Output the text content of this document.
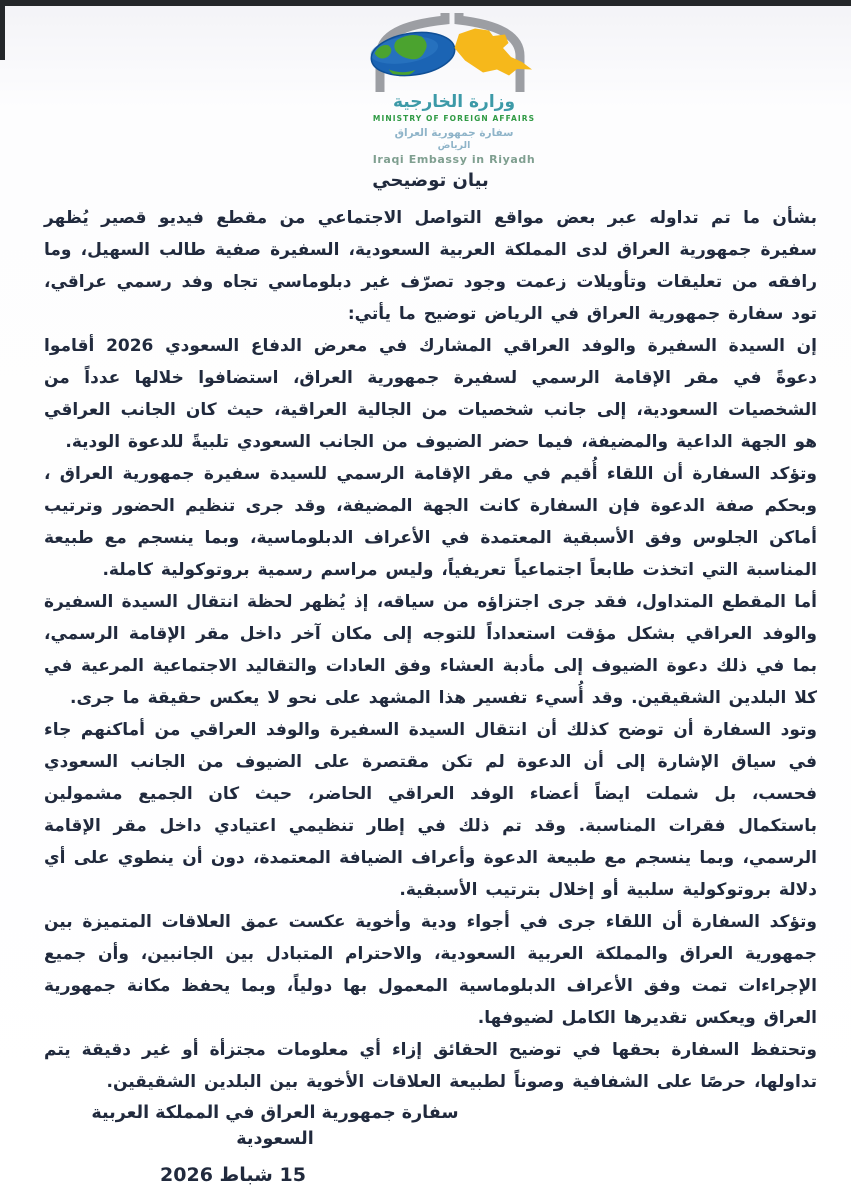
وزارة الخارجية
MINISTRY OF FOREIGN AFFAIRS
سفارة جمهورية العراق
الرياض
Iraqi Embassy in Riyadh
بيان توضيحي

بشأن ما تم تداوله عبر بعض مواقع التواصل الاجتماعي من مقطع فيديو قصير يُظهر سفيرة جمهورية العراق لدى المملكة العربية السعودية، السفيرة صفية طالب السهيل، وما رافقه من تعليقات وتأويلات زعمت وجود تصرّف غير دبلوماسي تجاه وفد رسمي عراقي، تود سفارة جمهورية العراق في الرياض توضيح ما يأتي:

إن السيدة السفيرة والوفد العراقي المشارك في معرض الدفاع السعودي 2026 أقاموا دعوةً في مقر الإقامة الرسمي لسفيرة جمهورية العراق، استضافوا خلالها عدداً من الشخصيات السعودية، إلى جانب شخصيات من الجالية العراقية، حيث كان الجانب العراقي هو الجهة الداعية والمضيفة، فيما حضر الضيوف من الجانب السعودي تلبيةً للدعوة الودية.

وتؤكد السفارة أن اللقاء أُقيم في مقر الإقامة الرسمي للسيدة سفيرة جمهورية العراق ، وبحكم صفة الدعوة فإن السفارة كانت الجهة المضيفة، وقد جرى تنظيم الحضور وترتيب أماكن الجلوس وفق الأسبقية المعتمدة في الأعراف الدبلوماسية، وبما ينسجم مع طبيعة المناسبة التي اتخذت طابعاً اجتماعياً تعريفياً، وليس مراسم رسمية بروتوكولية كاملة.

أما المقطع المتداول، فقد جرى اجتزاؤه من سياقه، إذ يُظهر لحظة انتقال السيدة السفيرة والوفد العراقي بشكل مؤقت استعداداً للتوجه إلى مكان آخر داخل مقر الإقامة الرسمي، بما في ذلك دعوة الضيوف إلى مأدبة العشاء وفق العادات والتقاليد الاجتماعية المرعية في كلا البلدين الشقيقين. وقد أُسيء تفسير هذا المشهد على نحو لا يعكس حقيقة ما جرى.

وتود السفارة أن توضح كذلك أن انتقال السيدة السفيرة والوفد العراقي من أماكنهم جاء في سياق الإشارة إلى أن الدعوة لم تكن مقتصرة على الضيوف من الجانب السعودي فحسب، بل شملت ايضاً أعضاء الوفد العراقي الحاضر، حيث كان الجميع مشمولين باستكمال فقرات المناسبة. وقد تم ذلك في إطار تنظيمي اعتيادي داخل مقر الإقامة الرسمي، وبما ينسجم مع طبيعة الدعوة وأعراف الضيافة المعتمدة، دون أن ينطوي على أي دلالة بروتوكولية سلبية أو إخلال بترتيب الأسبقية.

وتؤكد السفارة أن اللقاء جرى في أجواء ودية وأخوية عكست عمق العلاقات المتميزة بين جمهورية العراق والمملكة العربية السعودية، والاحترام المتبادل بين الجانبين، وأن جميع الإجراءات تمت وفق الأعراف الدبلوماسية المعمول بها دولياً، وبما يحفظ مكانة جمهورية العراق ويعكس تقديرها الكامل لضيوفها.

وتحتفظ السفارة بحقها في توضيح الحقائق إزاء أي معلومات مجتزأة أو غير دقيقة يتم تداولها، حرصًا على الشفافية وصوناً لطبيعة العلاقات الأخوية بين البلدين الشقيقين.

سفارة جمهورية العراق في المملكة العربية السعودية
15 شباط 2026
